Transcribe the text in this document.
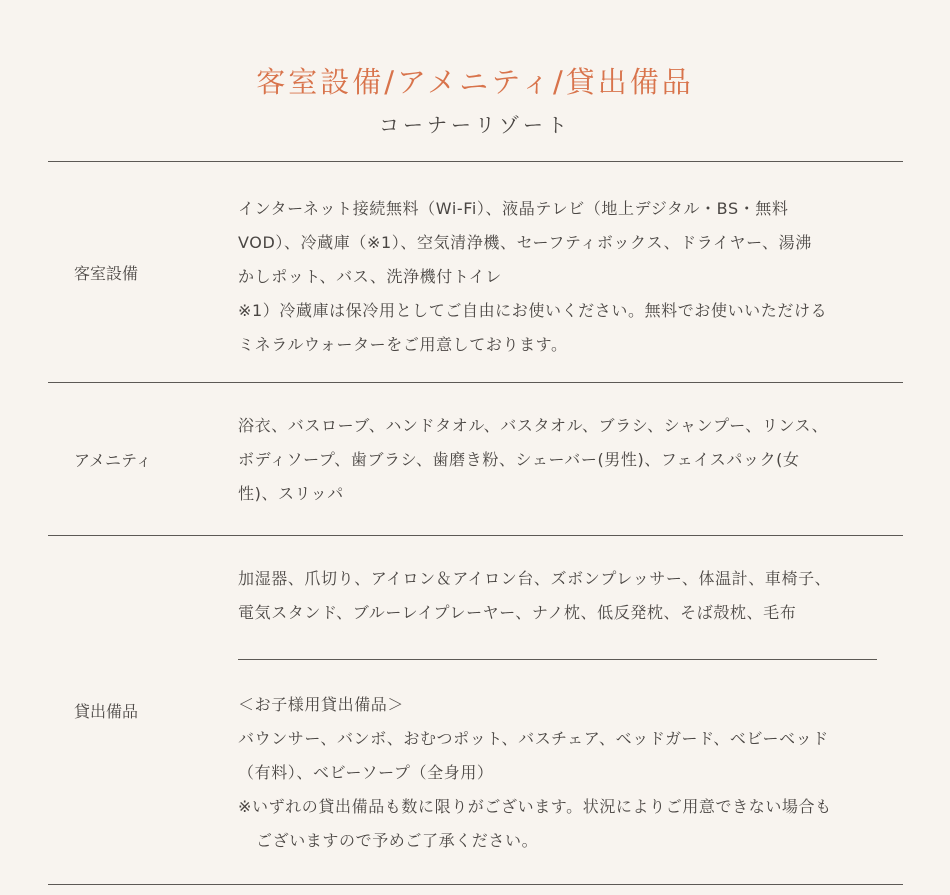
客室設備/アメニティ/貸出備品

コーナーリゾート

客室設備

インターネット接続無料（Wi-Fi）、液晶テレビ（地上デジタル・BS・無料

VOD）、冷蔵庫（※1）、空気清浄機、セーフティボックス、ドライヤー、湯沸

かしポット、バス、洗浄機付トイレ

※1）冷蔵庫は保冷用としてご自由にお使いください。無料でお使いいただける

ミネラルウォーターをご用意しております。

アメニティ

浴衣、バスローブ、ハンドタオル、バスタオル、ブラシ、シャンプー、リンス、

ボディソープ、歯ブラシ、歯磨き粉、シェーバー(男性)、フェイスパック(女

性)、スリッパ

貸出備品

加湿器、爪切り、アイロン＆アイロン台、ズボンプレッサー、体温計、車椅子、

電気スタンド、ブルーレイプレーヤー、ナノ枕、低反発枕、そば殻枕、毛布

＜お子様用貸出備品＞

バウンサー、バンボ、おむつポット、バスチェア、ベッドガード、ベビーベッド

（有料）、ベビーソープ（全身用）

※いずれの貸出備品も数に限りがございます。状況によりご用意できない場合も

ございますので予めご了承ください。
